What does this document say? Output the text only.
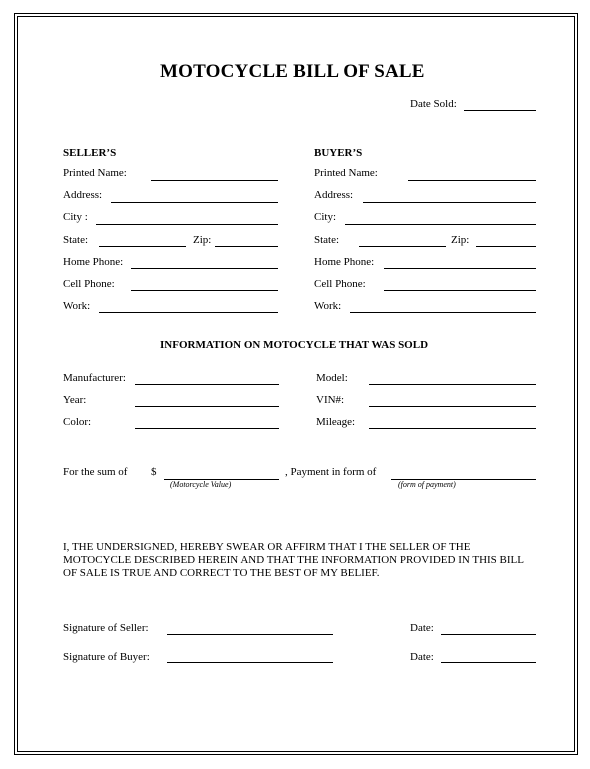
MOTOCYCLE BILL OF SALE
Date Sold:
SELLER’S
Printed Name:
Address:
City :
State:	Zip:
Home Phone:
Cell Phone:
Work:
BUYER’S
Printed Name:
Address:
City:
State:	Zip:
Home Phone:
Cell Phone:
Work:
INFORMATION ON MOTOCYCLE THAT WAS SOLD
Manufacturer:
Year:
Color:
Model:
VIN#:
Mileage:
For the sum of $
(Motorcycle Value)
, Payment in form of
(form of payment)
I, THE UNDERSIGNED, HEREBY SWEAR OR AFFIRM THAT I THE SELLER OF THE MOTOCYCLE DESCRIBED HEREIN AND THAT THE INFORMATION PROVIDED IN THIS BILL OF SALE IS TRUE AND CORRECT TO THE BEST OF MY BELIEF.
Signature of Seller:	Date:
Signature of Buyer:	Date:
